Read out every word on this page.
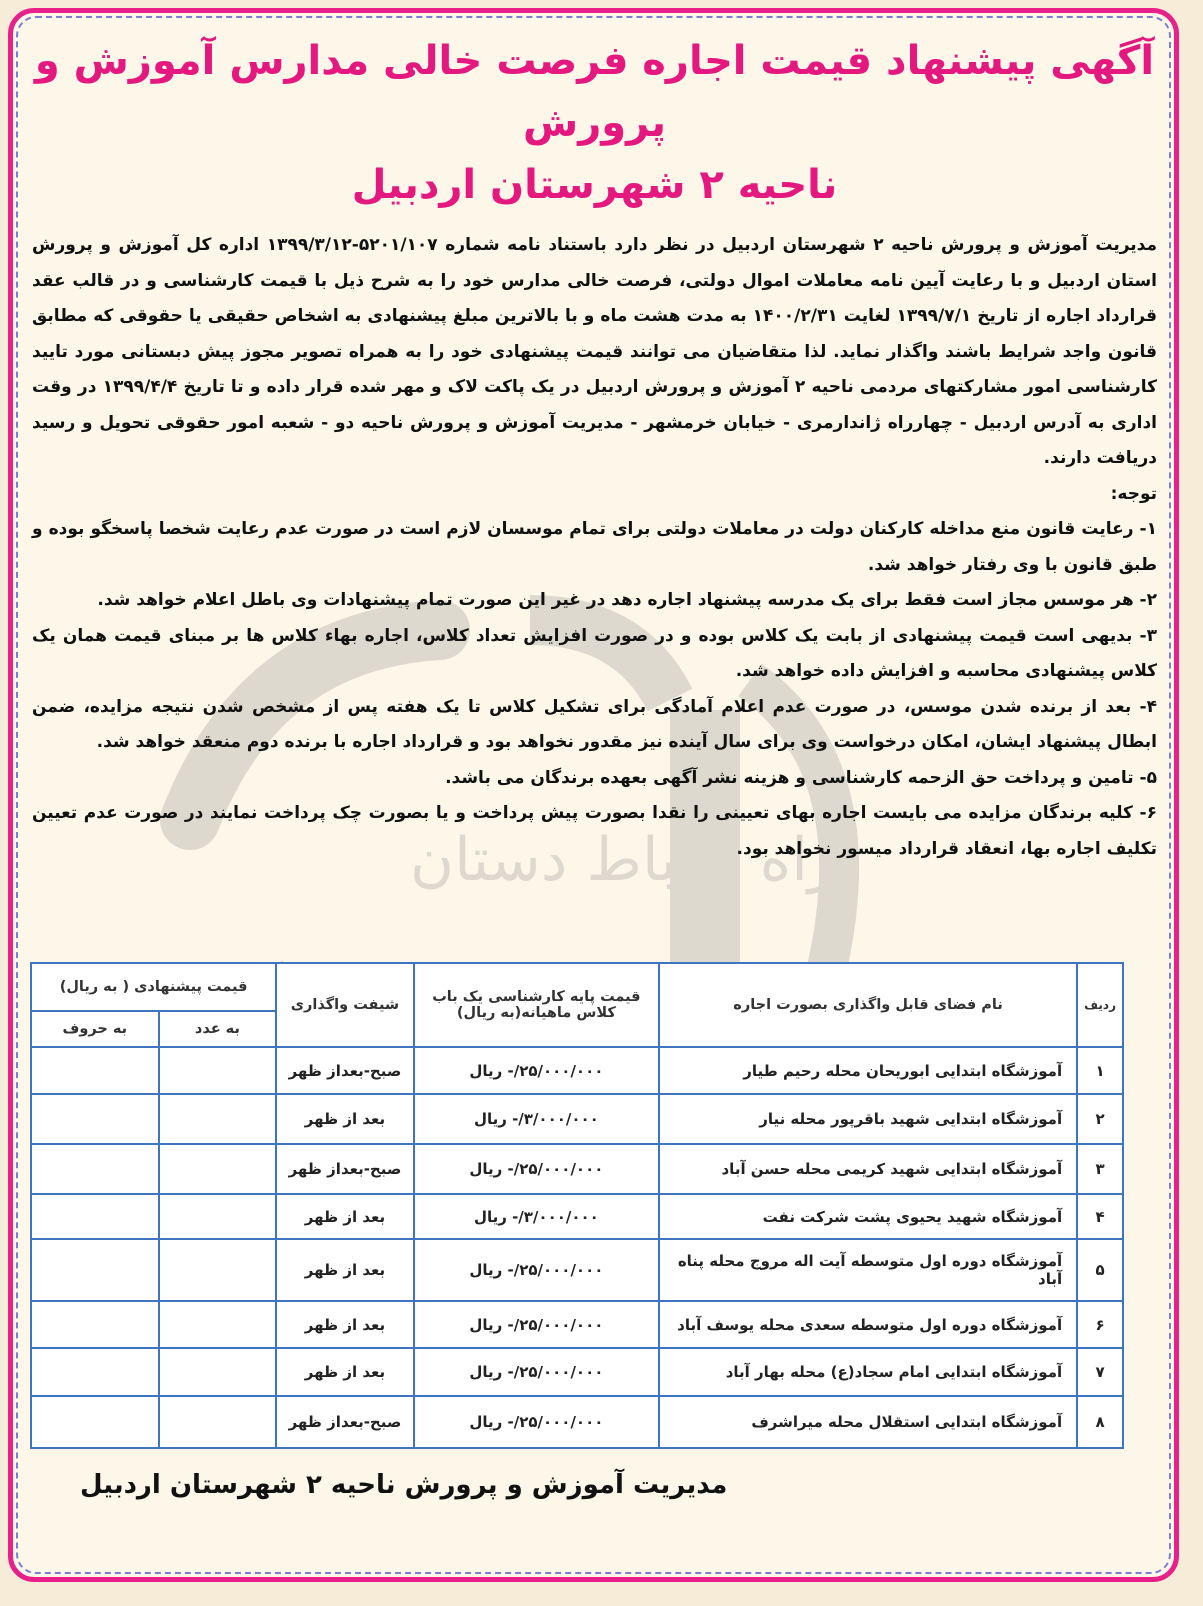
آگهی پیشنهاد قیمت اجاره فرصت خالی مدارس آموزش و پرورش
ناحیه ۲ شهرستان اردبیل

مدیریت آموزش و پرورش ناحیه ۲ شهرستان اردبیل در نظر دارد باستناد نامه شماره ۵۲۰۱/۱۰۷-۱۳۹۹/۳/۱۲ اداره کل آموزش و پرورش استان اردبیل و با رعایت آیین نامه معاملات اموال دولتی، فرصت خالی مدارس خود را به شرح ذیل با قیمت کارشناسی و در قالب عقد قرارداد اجاره از تاریخ ۱۳۹۹/۷/۱ لغایت ۱۴۰۰/۲/۳۱ به مدت هشت ماه و با بالاترین مبلغ پیشنهادی به اشخاص حقیقی یا حقوقی که مطابق قانون واجد شرایط باشند واگذار نماید. لذا متقاضیان می توانند قیمت پیشنهادی خود را به همراه تصویر مجوز پیش دبستانی مورد تایید کارشناسی امور مشارکتهای مردمی ناحیه ۲ آموزش و پرورش اردبیل در یک پاکت لاک و مهر شده قرار داده و تا تاریخ ۱۳۹۹/۴/۴ در وقت اداری به آدرس اردبیل - چهارراه ژاندارمری - خیابان خرمشهر - مدیریت آموزش و پرورش ناحیه دو - شعبه امور حقوقی تحویل و رسید دریافت دارند.

توجه:

۱- رعایت قانون منع مداخله کارکنان دولت در معاملات دولتی برای تمام موسسان لازم است در صورت عدم رعایت شخصا پاسخگو بوده و طبق قانون با وی رفتار خواهد شد.

۲- هر موسس مجاز است فقط برای یک مدرسه پیشنهاد اجاره دهد در غیر این صورت تمام پیشنهادات وی باطل اعلام خواهد شد.

۳- بدیهی است قیمت پیشنهادی از بابت یک کلاس بوده و در صورت افزایش تعداد کلاس، اجاره بهاء کلاس ها بر مبنای قیمت همان یک کلاس پیشنهادی محاسبه و افزایش داده خواهد شد.

۴- بعد از برنده شدن موسس، در صورت عدم اعلام آمادگی برای تشکیل کلاس تا یک هفته پس از مشخص شدن نتیجه مزایده، ضمن ابطال پیشنهاد ایشان، امکان درخواست وی برای سال آینده نیز مقدور نخواهد بود و قرارداد اجاره با برنده دوم منعقد خواهد شد.

۵- تامین و پرداخت حق الزحمه کارشناسی و هزینه نشر آگهی بعهده برندگان می باشد.

۶- کلیه برندگان مزایده می بایست اجاره بهای تعیینی را نقدا بصورت پیش پرداخت و یا بصورت چک پرداخت نمایند در صورت عدم تعیین تکلیف اجاره بها، انعقاد قرارداد میسور نخواهد بود.

ردیف	نام فضای قابل واگذاری بصورت اجاره	قیمت پایه کارشناسی یک باب کلاس ماهیانه(به ریال)	شیفت واگذاری	قیمت پیشنهادی ( به ریال)	
				به عدد	به حروف
۱	آموزشگاه ابتدایی ابوریحان محله رحیم طیار	۲۵/۰۰۰/۰۰۰/- ریال	صبح-بعداز ظهر		
۲	آموزشگاه ابتدایی شهید باقرپور محله نیار	۳/۰۰۰/۰۰۰/- ریال	بعد از ظهر		
۳	آموزشگاه ابتدایی شهید کریمی محله حسن آباد	۲۵/۰۰۰/۰۰۰/- ریال	صبح-بعداز ظهر		
۴	آموزشگاه شهید یحیوی پشت شرکت نفت	۳/۰۰۰/۰۰۰/- ریال	بعد از ظهر		
۵	آموزشگاه دوره اول متوسطه آیت اله مروج محله پناه آباد	۲۵/۰۰۰/۰۰۰/- ریال	بعد از ظهر		
۶	آموزشگاه دوره اول متوسطه سعدی محله یوسف آباد	۲۵/۰۰۰/۰۰۰/- ریال	بعد از ظهر		
۷	آموزشگاه ابتدایی امام سجاد(ع) محله بهار آباد	۲۵/۰۰۰/۰۰۰/- ریال	بعد از ظهر		
۸	آموزشگاه ابتدایی استقلال محله میراشرف	۲۵/۰۰۰/۰۰۰/- ریال	صبح-بعداز ظهر		
مدیریت آموزش و پرورش ناحیه ۲ شهرستان اردبیل
